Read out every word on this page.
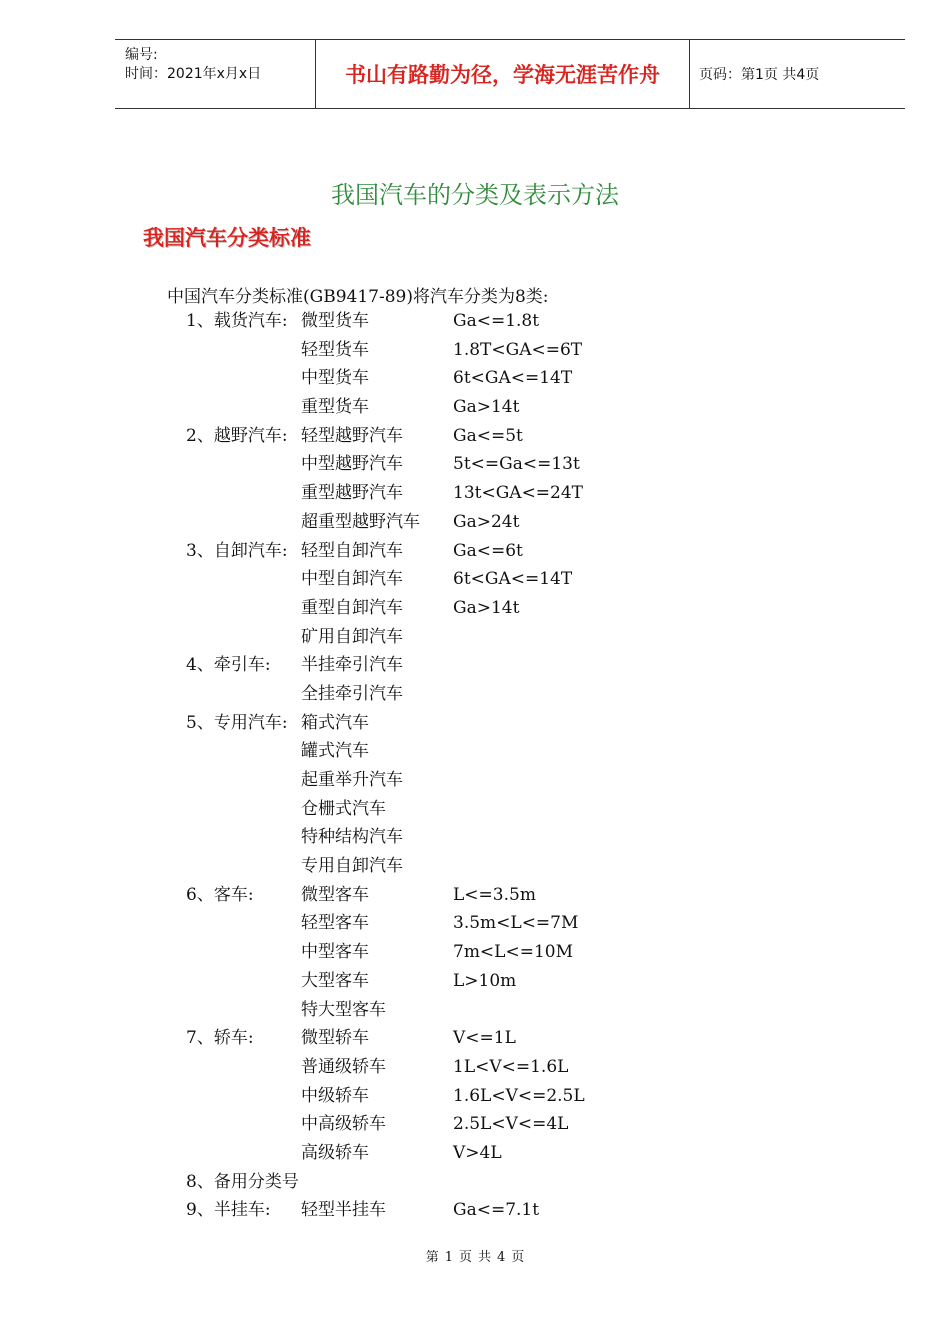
编号:
时间：2021年x月x日	书山有路勤为径，学海无涯苦作舟	页码：第1页 共4页
我国汽车的分类及表示方法
我国汽车分类标准
中国汽车分类标准(GB9417-89)将汽车分类为8类:
1、载货汽车: 微型货车	Ga<=1.8t
轻型货车	1.8T<GA<=6T
中型货车	6t<GA<=14T
重型货车	Ga>14t
2、越野汽车: 轻型越野汽车	Ga<=5t
中型越野汽车	5t<=Ga<=13t
重型越野汽车	13t<GA<=24T
超重型越野汽车 Ga>24t
3、自卸汽车: 轻型自卸汽车	Ga<=6t
中型自卸汽车	6t<GA<=14T
重型自卸汽车	Ga>14t
矿用自卸汽车
4、牵引车: 半挂牵引汽车
全挂牵引汽车
5、专用汽车: 箱式汽车
罐式汽车
起重举升汽车
仓栅式汽车
特种结构汽车
专用自卸汽车
6、客车:	微型客车	L<=3.5m
轻型客车	3.5m<L<=7M
中型客车	7m<L<=10M
大型客车	L>10m
特大型客车
7、轿车:	微型轿车	V<=1L
普通级轿车	1L<V<=1.6L
中级轿车	1.6L<V<=2.5L
中高级轿车	2.5L<V<=4L
高级轿车	V>4L
8、备用分类号
9、半挂车: 轻型半挂车	Ga<=7.1t
第 1 页 共 4 页
